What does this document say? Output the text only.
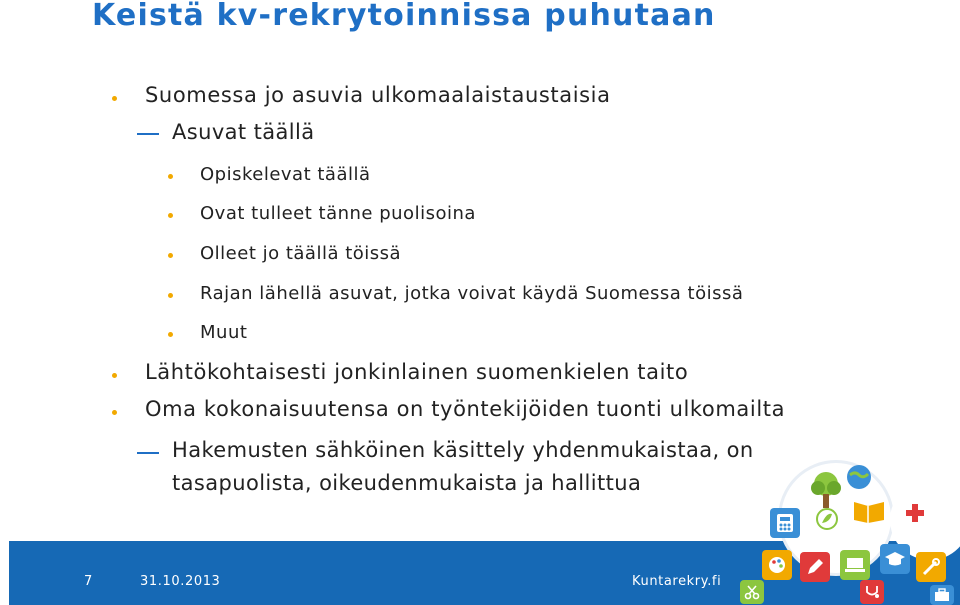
Keistä kv-rekrytoinnissa puhutaan
Suomessa jo asuvia ulkomaalaistaustaisia
Asuvat täällä
Opiskelevat täällä
Ovat tulleet tänne puolisoina
Olleet jo täällä töissä
Rajan lähellä asuvat, jotka voivat käydä Suomessa töissä
Muut
Lähtökohtaisesti jonkinlainen suomenkielen taito
Oma kokonaisuutensa on työntekijöiden tuonti ulkomailta
Hakemusten sähköinen käsittely yhdenmukaistaa, on
tasapuolista, oikeudenmukaista ja hallittua
7	31.10.2013	Kuntarekry.fi
